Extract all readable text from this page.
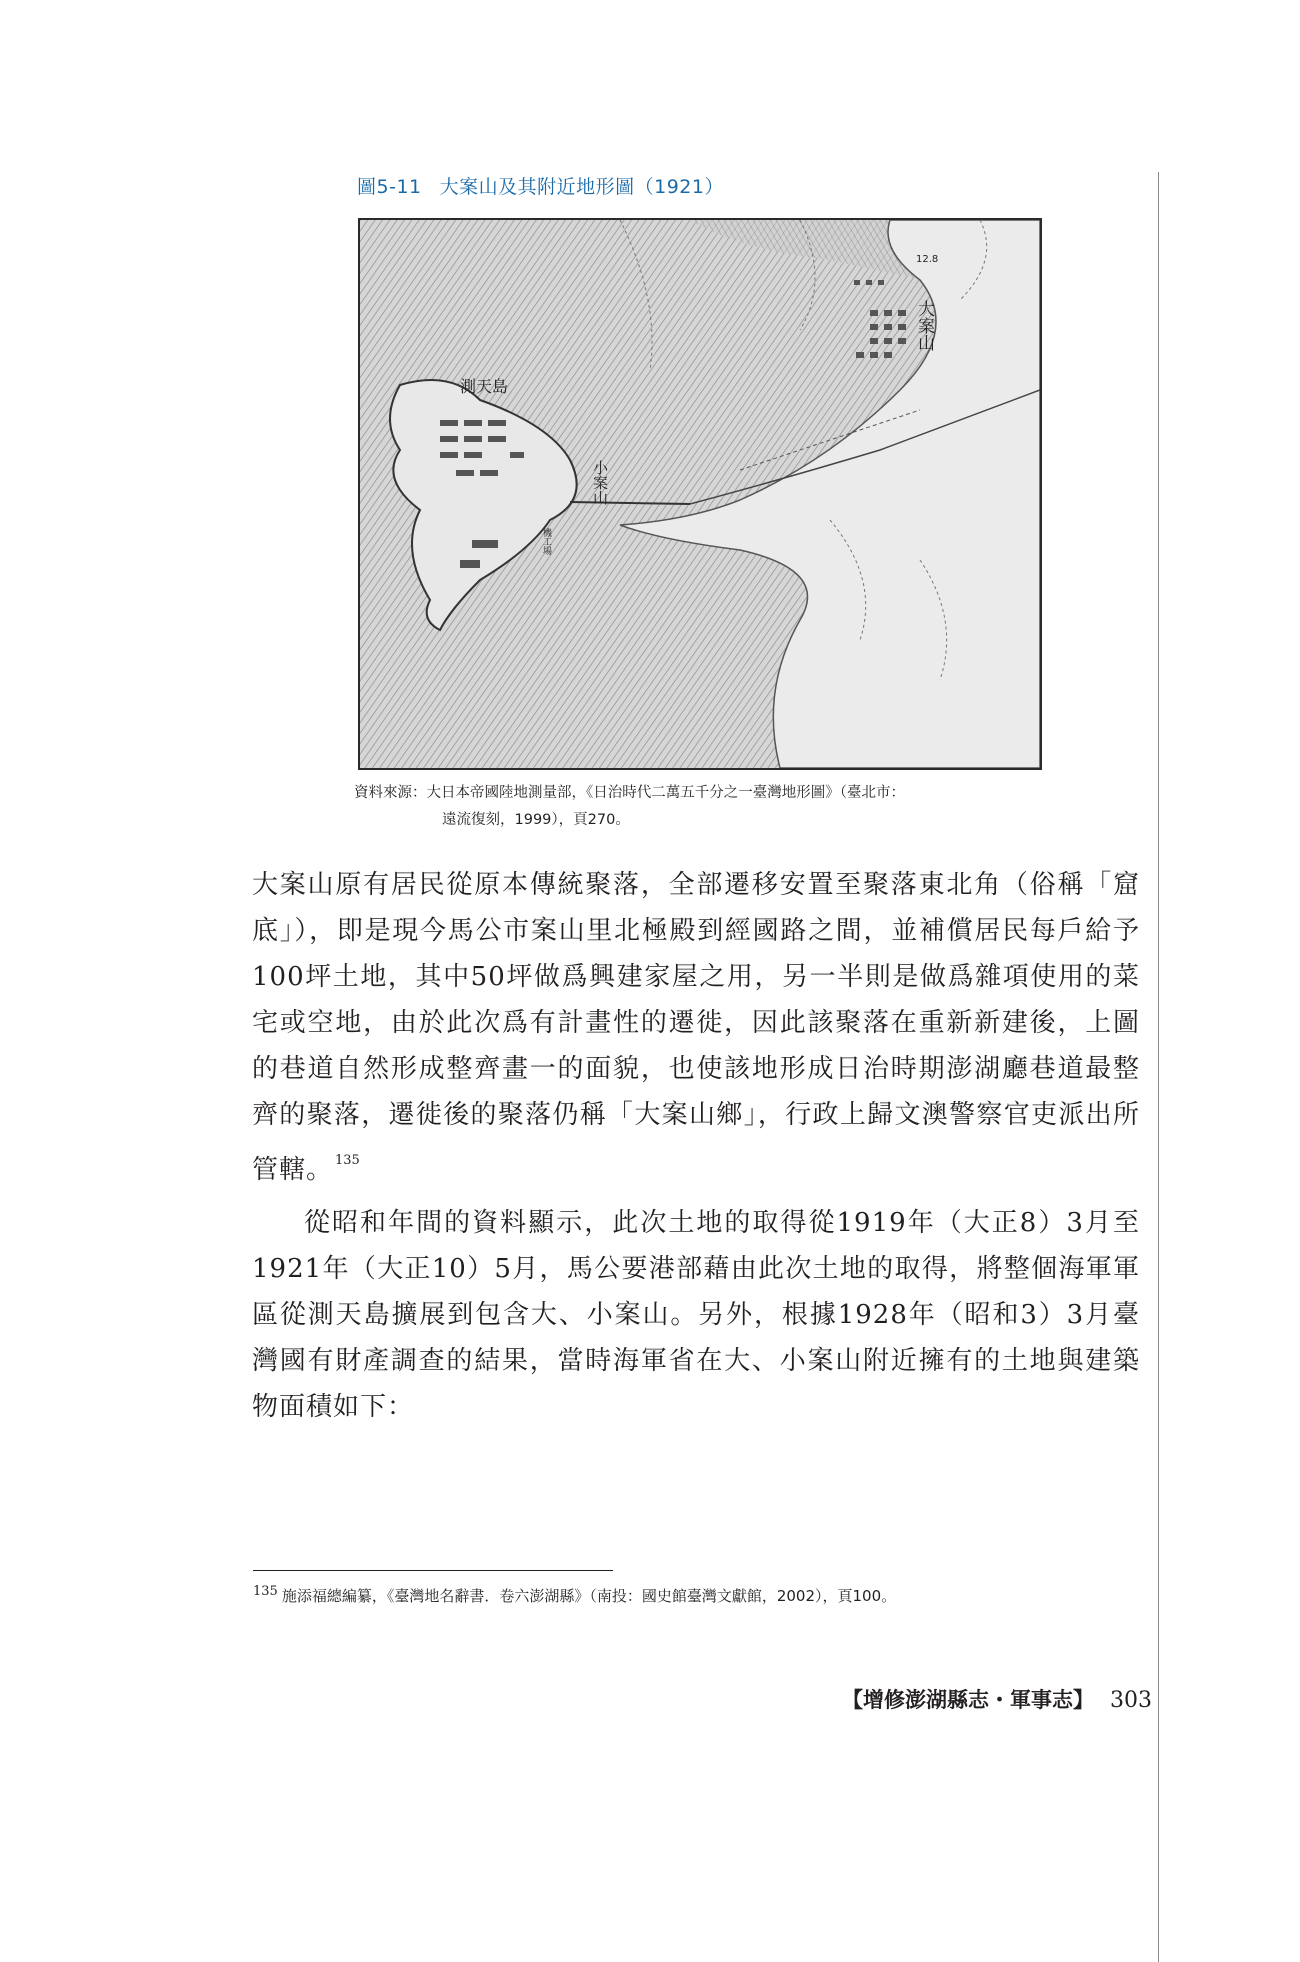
圖5-11 大案山及其附近地形圖（1921）
測天島
小案山
大案山
12.8
機工場
資料來源：大日本帝國陸地測量部，《日治時代二萬五千分之一臺灣地形圖》（臺北市：
遠流復刻，1999），頁270。

大案山原有居民從原本傳統聚落，全部遷移安置至聚落東北角（俗稱「窟底」），即是現今馬公市案山里北極殿到經國路之間，並補償居民每戶給予100坪土地，其中50坪做爲興建家屋之用，另一半則是做爲雜項使用的菜宅或空地，由於此次爲有計畫性的遷徙，因此該聚落在重新新建後，上圖的巷道自然形成整齊畫一的面貌，也使該地形成日治時期澎湖廳巷道最整齊的聚落，遷徙後的聚落仍稱「大案山鄉」，行政上歸文澳警察官吏派出所管轄。 $^{135}$

從昭和年間的資料顯示，此次土地的取得從1919年（大正8）3月至1921年（大正10）5月，馬公要港部藉由此次土地的取得，將整個海軍軍區從測天島擴展到包含大、小案山。另外，根據1928年（昭和3）3月臺灣國有財產調查的結果，當時海軍省在大、小案山附近擁有的土地與建築物面積如下：

$^{135}$ 施添福總編纂，《臺灣地名辭書．卷六澎湖縣》（南投：國史館臺灣文獻館，2002），頁100。
【增修澎湖縣志・軍事志】 303
